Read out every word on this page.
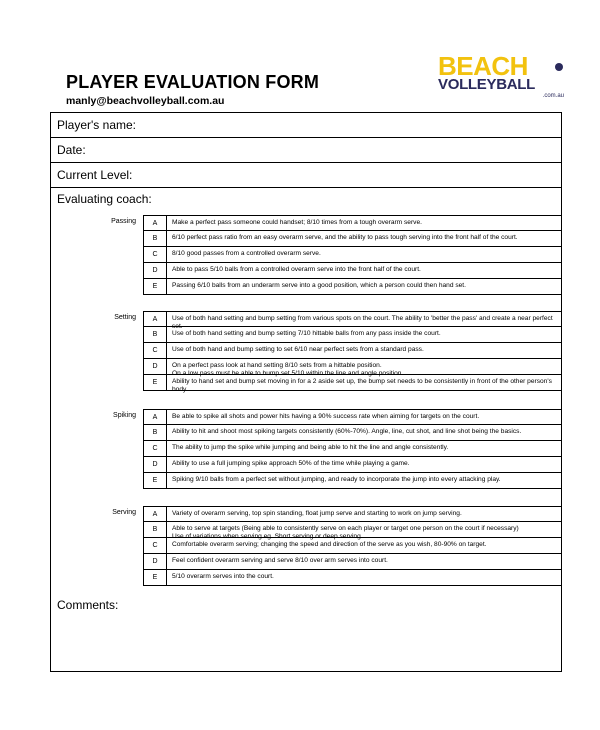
PLAYER EVALUATION FORM
manly@beachvolleyball.com.au
BEACH
VOLLEYBALL
.com.au
Player's name:
Date:
Current Level:
Evaluating coach:
Passing	A	Make a perfect pass someone could handset; 8/10 times from a tough overarm serve.
B	6/10 perfect pass ratio from an easy overarm serve, and the ability to pass tough serving into the front half of the court.
C	8/10 good passes from a controlled overarm serve.
D	Able to pass 5/10 balls from a controlled overarm serve into the front half of the court.
E	Passing 6/10 balls from an underarm serve into a good position, which a person could then hand set.
Setting	A	Use of both hand setting and bump setting from various spots on the court. The ability to 'better the pass' and create a near perfect set.
B	Use of both hand setting and bump setting 7/10 hittable balls from any pass inside the court.
C	Use of both hand and bump setting to set 6/10 near perfect sets from a standard pass.
D	On a perfect pass look at hand setting 8/10 sets from a hittable position.
On a low pass must be able to bump set 5/10 within the line and angle position.
E	Ability to hand set and bump set moving in for a 2 aside set up, the bump set needs to be consistently in front of the other person's body.
Spiking	A	Be able to spike all shots and power hits having a 90% success rate when aiming for targets on the court.
B	Ability to hit and shoot most spiking targets consistently (60%-70%). Angle, line, cut shot, and line shot being the basics.
C	The ability to jump the spike while jumping and being able to hit the line and angle consistently.
D	Ability to use a full jumping spike approach 50% of the time while playing a game.
E	Spiking 9/10 balls from a perfect set without jumping, and ready to incorporate the jump into every attacking play.
Serving	A	Variety of overarm serving, top spin standing, float jump serve and starting to work on jump serving.
B	Able to serve at targets (Being able to consistently serve on each player or target one person on the court if necessary)
Use of variations when serving eg. Short serving or deep serving.
C	Comfortable overarm serving; changing the speed and direction of the serve as you wish, 80-90% on target.
D	Feel confident overarm serving and serve 8/10 over arm serves into court.
E	5/10 overarm serves into the court.
Comments:
